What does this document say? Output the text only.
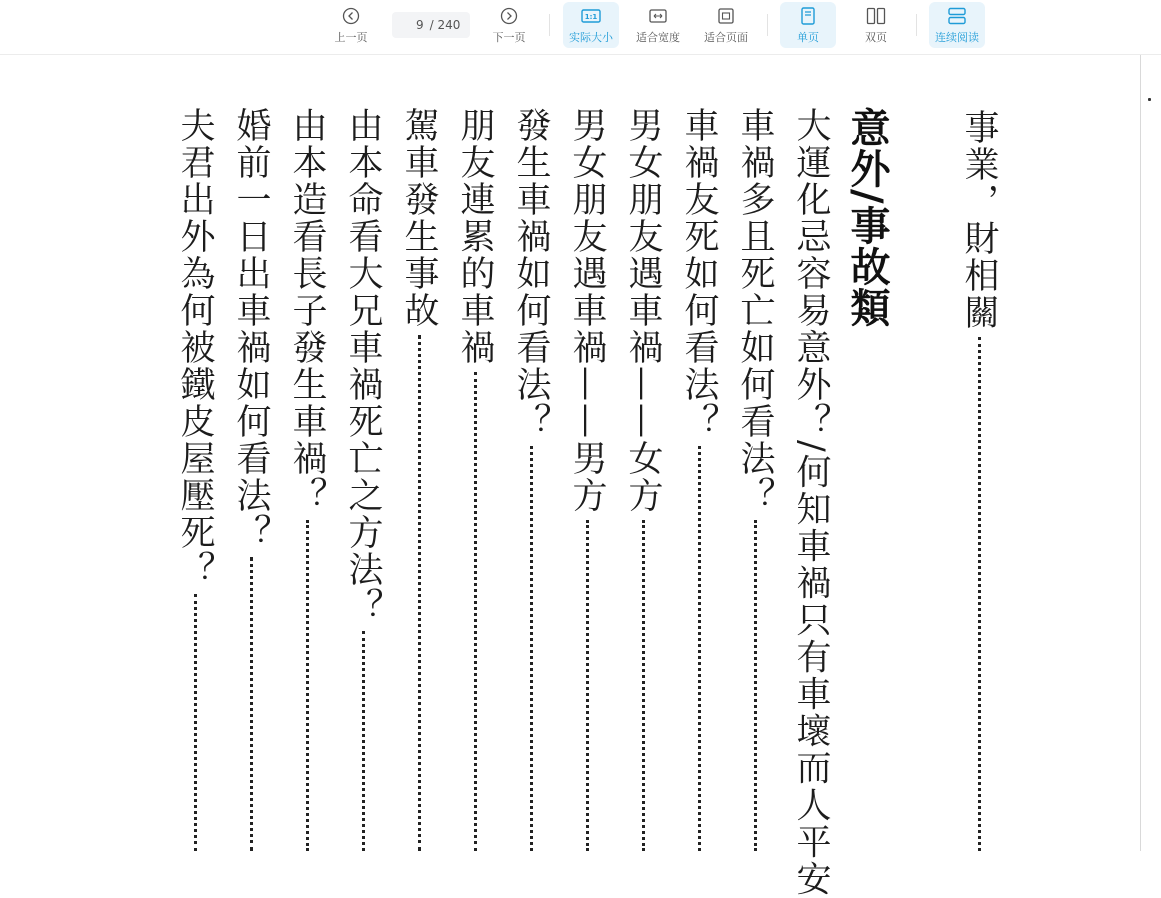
上一页
9
/ 240
下一页
1:1
实际大小 适合宽度 适合页面	单页	双页	连续阅读
事業，財相關
意外/事故類
大運化忌容易意外？/何知車禍只有車壞而人平安
車禍多且死亡如何看法？
車禍友死如何看法？
男女朋友遇車禍——女方
男女朋友遇車禍——男方
發生車禍如何看法？
朋友連累的車禍
駕車發生事故
由本命看大兄車禍死亡之方法？
由本造看長子發生車禍？
婚前一日出車禍如何看法？
夫君出外為何被鐵皮屋壓死？
